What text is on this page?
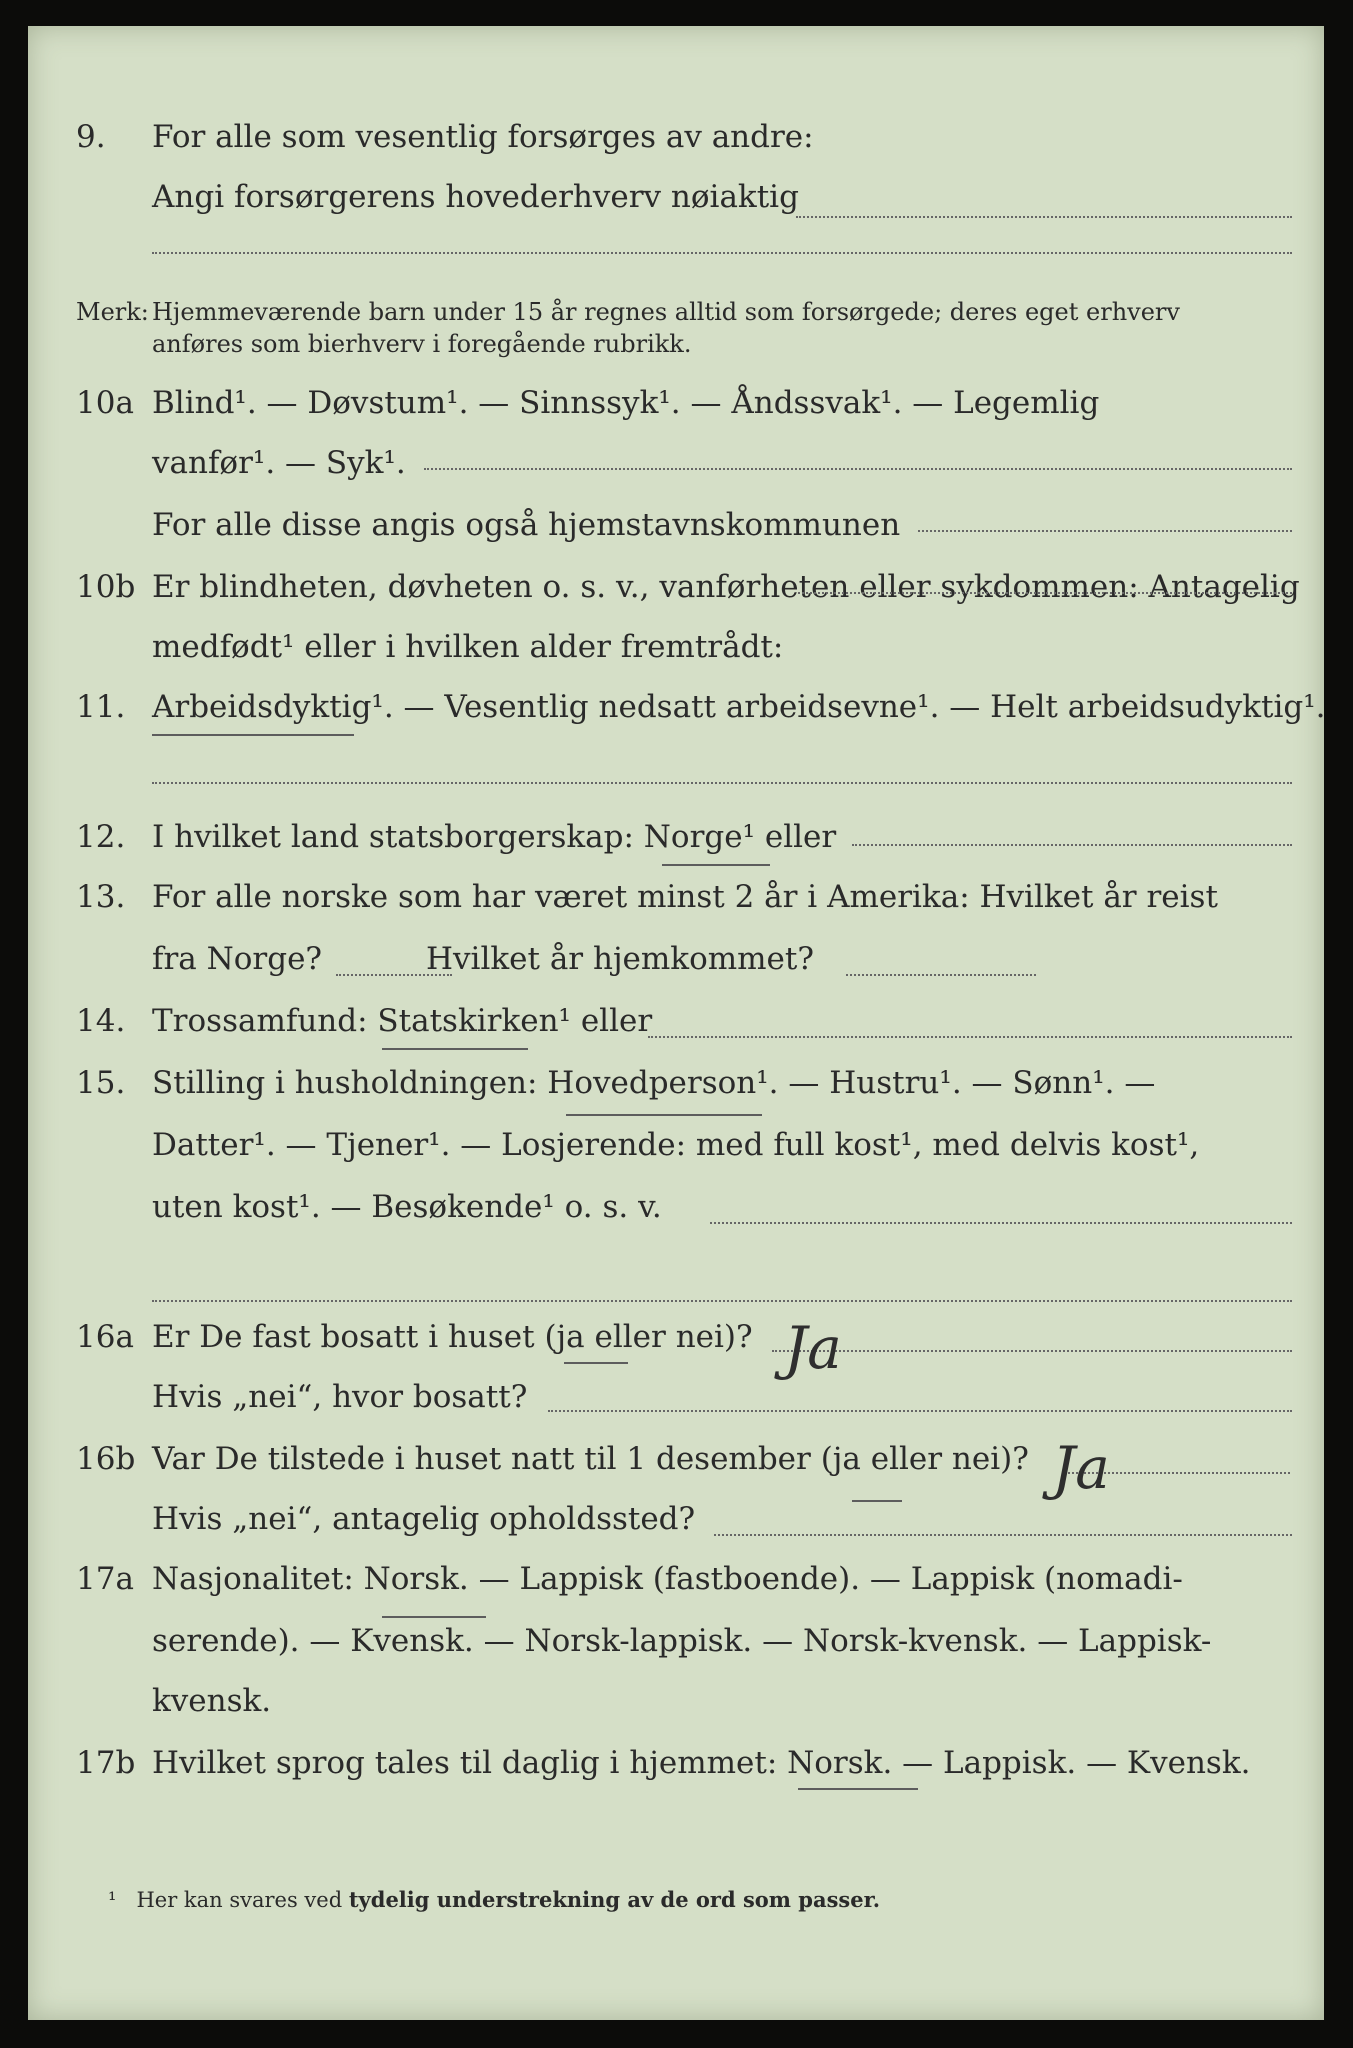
9. For alle som vesentlig forsørges av andre:
Angi forsørgerens hovederhverv nøiaktig
Merk: Hjemmeværende barn under 15 år regnes alltid som forsørgede; deres eget erhverv
anføres som bierhverv i foregående rubrikk.
10a Blind¹. — Døvstum¹. — Sinnssyk¹. — Åndssvak¹. — Legemlig
vanfør¹. — Syk¹.
For alle disse angis også hjemstavnskommunen
10b Er blindheten, døvheten o. s. v., vanførheten eller sykdommen: Antagelig
medfødt¹ eller i hvilken alder fremtrådt:
11. Arbeidsdyktig¹. — Vesentlig nedsatt arbeidsevne¹. — Helt arbeidsudyktig¹.
12. I hvilket land statsborgerskap: Norge¹ eller
13. For alle norske som har været minst 2 år i Amerika: Hvilket år reist
fra Norge?	Hvilket år hjemkommet?
14. Trossamfund: Statskirken¹ eller
15. Stilling i husholdningen: Hovedperson¹. — Hustru¹. — Sønn¹. —
Datter¹. — Tjener¹. — Losjerende: med full kost¹, med delvis kost¹,
uten kost¹. — Besøkende¹ o. s. v.
16a Er De fast bosatt i huset (ja eller nei)?
Hvis „nei“, hvor bosatt?
16b Var De tilstede i huset natt til 1 desember (ja eller nei)?
Hvis „nei“, antagelig opholdssted?
17a Nasjonalitet: Norsk. — Lappisk (fastboende). — Lappisk (nomadi-
serende). — Kvensk. — Norsk-lappisk. — Norsk-kvensk. — Lappisk-
kvensk.
17b Hvilket sprog tales til daglig i hjemmet: Norsk. — Lappisk. — Kvensk.
Ja
Ja
¹ Her kan svares ved tydelig understrekning av de ord som passer.
